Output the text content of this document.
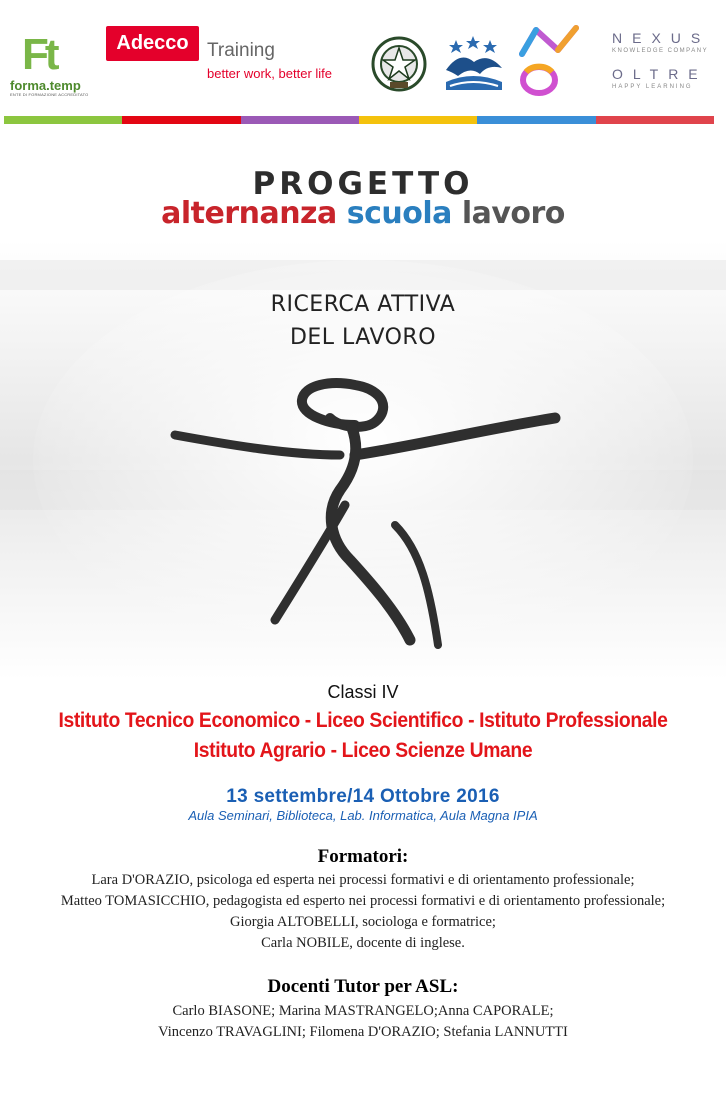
Ft
forma.temp
ENTE DI FORMAZIONE ACCREDITATO
Adecco Training
better work, better life
NEXUS
KNOWLEDGE COMPANY
OLTRE
HAPPY LEARNING
PROGETTO
alternanza scuola lavoro
RICERCA ATTIVA
DEL LAVORO
Classi IV
Istituto Tecnico Economico - Liceo Scientifico - Istituto Professionale
Istituto Agrario - Liceo Scienze Umane
13 settembre/14 Ottobre 2016
Aula Seminari, Biblioteca, Lab. Informatica, Aula Magna IPIA
Formatori:
Lara D'ORAZIO, psicologa ed esperta nei processi formativi e di orientamento professionale;
Matteo TOMASICCHIO, pedagogista ed esperto nei processi formativi e di orientamento professionale;
Giorgia ALTOBELLI, sociologa e formatrice;
Carla NOBILE, docente di inglese.
Docenti Tutor per ASL:
Carlo BIASONE; Marina MASTRANGELO;Anna CAPORALE;
Vincenzo TRAVAGLINI; Filomena D'ORAZIO; Stefania LANNUTTI
